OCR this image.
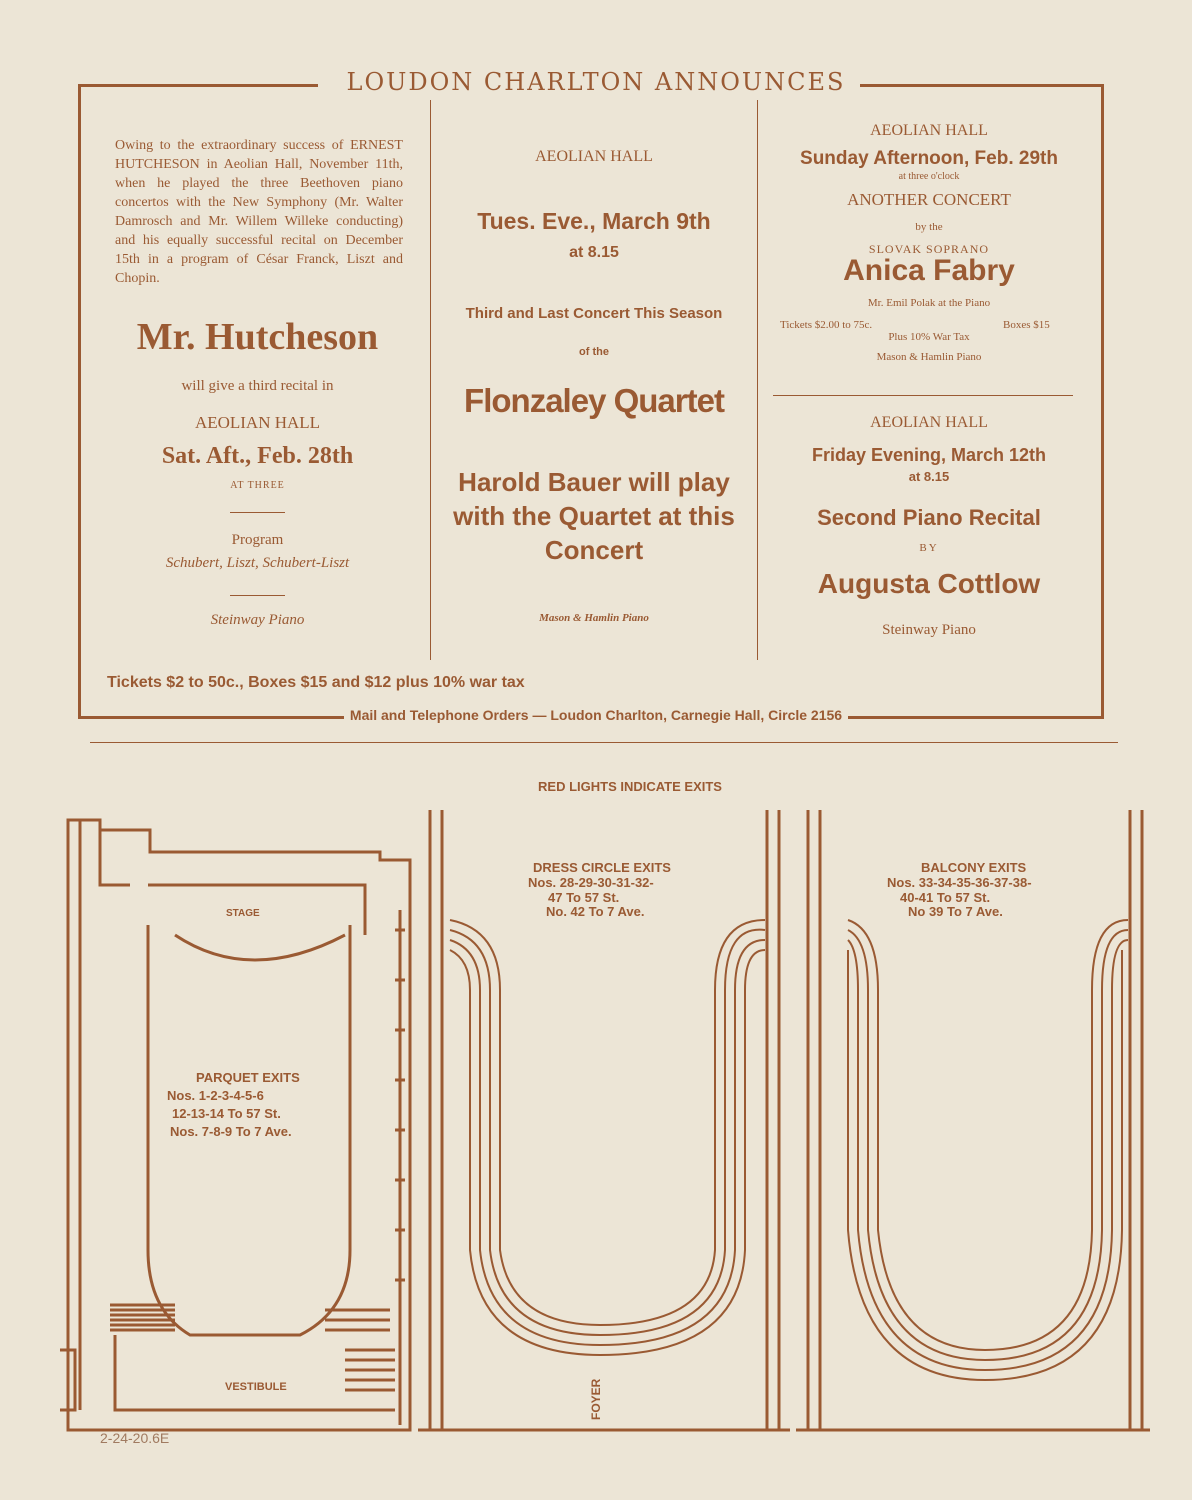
LOUDON CHARLTON ANNOUNCES
Owing to the extraordinary success of ERNEST HUTCHESON in Aeolian Hall, November 11th, when he played the three Beethoven piano concertos with the New Symphony (Mr. Walter Damrosch and Mr. Willem Willeke conducting) and his equally successful recital on December 15th in a program of César Franck, Liszt and Chopin.
Mr. Hutcheson
will give a third recital in
AEOLIAN HALL
Sat. Aft., Feb. 28th
AT THREE
Program
Schubert, Liszt, Schubert-Liszt
Steinway Piano
AEOLIAN HALL
Tues. Eve., March 9th
at 8.15
Third and Last Concert This Season
of the
Flonzaley Quartet
Harold Bauer will play with the Quartet at this Concert
Mason & Hamlin Piano
AEOLIAN HALL
Sunday Afternoon, Feb. 29th
at three o'clock
ANOTHER CONCERT
by the
SLOVAK SOPRANO
Anica Fabry
Mr. Emil Polak at the Piano
Tickets $2.00 to 75c.	Boxes $15
Plus 10% War Tax
Mason & Hamlin Piano
AEOLIAN HALL
Friday Evening, March 12th
at 8.15
Second Piano Recital
BY
Augusta Cottlow
Steinway Piano
Tickets $2 to 50c., Boxes $15 and $12 plus 10% war tax
Mail and Telephone Orders — Loudon Charlton, Carnegie Hall, Circle 2156
RED LIGHTS INDICATE EXITS
STAGE
VESTIBULE
PARQUET EXITS
Nos. 1-2-3-4-5-6
12-13-14 To 57 St.
Nos. 7-8-9 To 7 Ave.
DRESS CIRCLE EXITS
Nos. 28-29-30-31-32-
47 To 57 St.
No. 42 To 7 Ave.
FOYER
BALCONY EXITS
Nos. 33-34-35-36-37-38-
40-41 To 57 St.
No 39 To 7 Ave.
2-24-20.6E
